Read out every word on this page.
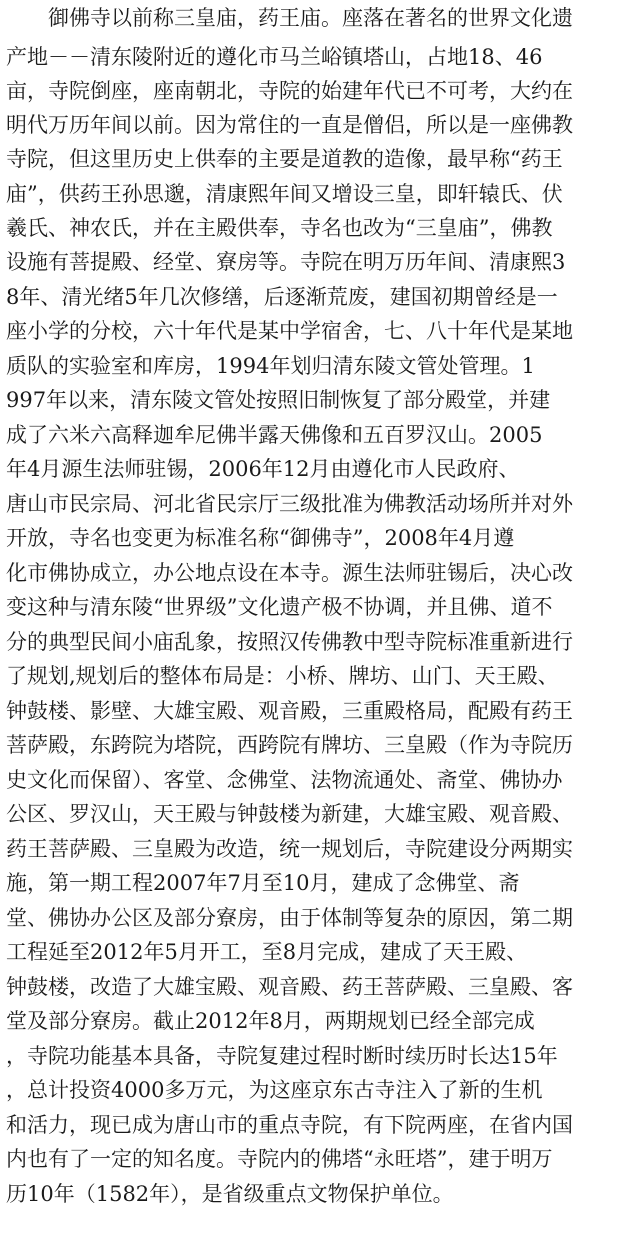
　　御佛寺以前称三皇庙，药王庙。座落在著名的世界文化遗
产地－－清东陵附近的遵化市马兰峪镇塔山，占地18、46
亩，寺院倒座，座南朝北，寺院的始建年代已不可考，大约在
明代万历年间以前。因为常住的一直是僧侣，所以是一座佛教
寺院，但这里历史上供奉的主要是道教的造像，最早称“药王
庙”，供药王孙思邈，清康熙年间又增设三皇，即轩辕氏、伏
羲氏、神农氏，并在主殿供奉，寺名也改为“三皇庙”，佛教
设施有菩提殿、经堂、寮房等。寺院在明万历年间、清康熙3
8年、清光绪5年几次修缮，后逐渐荒废，建国初期曾经是一
座小学的分校，六十年代是某中学宿舍，七、八十年代是某地
质队的实验室和库房，1994年划归清东陵文管处管理。1
997年以来，清东陵文管处按照旧制恢复了部分殿堂，并建
成了六米六高释迦牟尼佛半露天佛像和五百罗汉山。2005
年4月源生法师驻锡，2006年12月由遵化市人民政府、
唐山市民宗局、河北省民宗厅三级批准为佛教活动场所并对外
开放，寺名也变更为标准名称“御佛寺”，2008年4月遵
化市佛协成立，办公地点设在本寺。源生法师驻锡后，决心改
变这种与清东陵“世界级”文化遗产极不协调，并且佛、道不
分的典型民间小庙乱象，按照汉传佛教中型寺院标准重新进行
了规划,规划后的整体布局是：小桥、牌坊、山门、天王殿、
钟鼓楼、影壁、大雄宝殿、观音殿，三重殿格局，配殿有药王
菩萨殿，东跨院为塔院，西跨院有牌坊、三皇殿（作为寺院历
史文化而保留）、客堂、念佛堂、法物流通处、斋堂、佛协办
公区、罗汉山，天王殿与钟鼓楼为新建，大雄宝殿、观音殿、
药王菩萨殿、三皇殿为改造，统一规划后，寺院建设分两期实
施，第一期工程2007年7月至10月，建成了念佛堂、斋
堂、佛协办公区及部分寮房，由于体制等复杂的原因，第二期
工程延至2012年5月开工，至8月完成，建成了天王殿、
钟鼓楼，改造了大雄宝殿、观音殿、药王菩萨殿、三皇殿、客
堂及部分寮房。截止2012年8月，两期规划已经全部完成
，寺院功能基本具备，寺院复建过程时断时续历时长达15年
，总计投资4000多万元，为这座京东古寺注入了新的生机
和活力，现已成为唐山市的重点寺院，有下院两座，在省内国
内也有了一定的知名度。寺院内的佛塔“永旺塔”，建于明万
历10年（1582年），是省级重点文物保护单位。
